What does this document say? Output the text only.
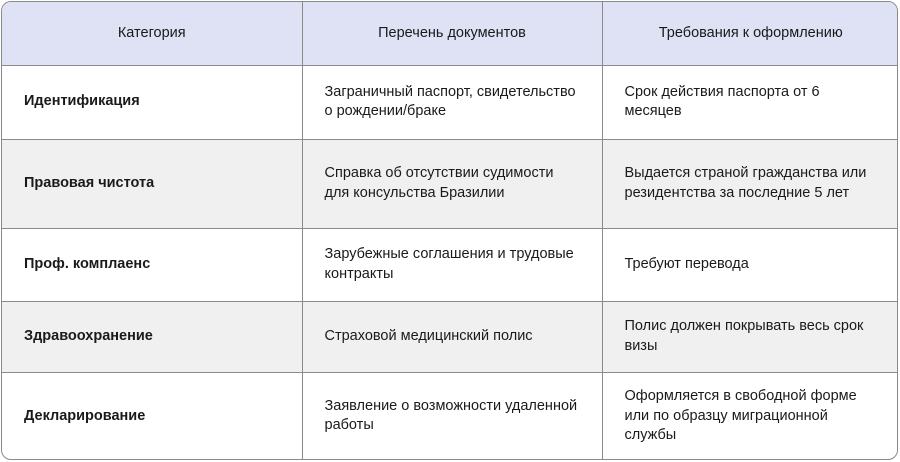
Категория	Перечень документов	Требования к оформлению
Идентификация	Заграничный паспорт, свидетельство о рождении/браке	Срок действия паспорта от 6 месяцев
Правовая чистота	Справка об отсутствии судимости для консульства Бразилии	Выдается страной гражданства или резидентства за последние 5 лет
Проф. комплаенс	Зарубежные соглашения и трудовые контракты	Требуют перевода
Здравоохранение	Страховой медицинский полис	Полис должен покрывать весь срок визы
Декларирование	Заявление о возможности удаленной работы	Оформляется в свободной форме или по образцу миграционной службы
